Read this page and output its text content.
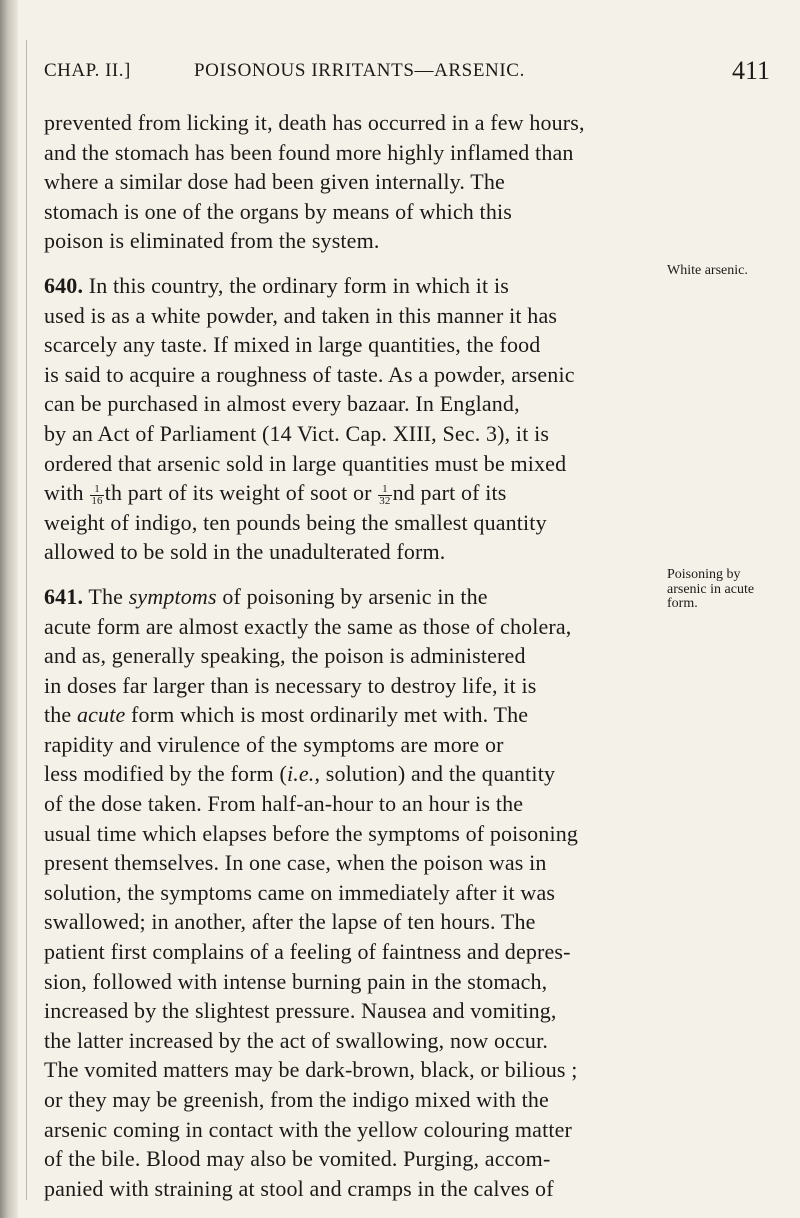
CHAP. II.]	POISONOUS IRRITANTS—ARSENIC.	411
prevented from licking it, death has occurred in a few hours,
and the stomach has been found more highly inflamed than
where a similar dose had been given internally. The
stomach is one of the organs by means of which this
poison is eliminated from the system.
640. In this country, the ordinary form in which it is
used is as a white powder, and taken in this manner it has
scarcely any taste. If mixed in large quantities, the food
is said to acquire a roughness of taste. As a powder, arsenic
can be purchased in almost every bazaar. In England,
by an Act of Parliament (14 Vict. Cap. XIII, Sec. 3), it is
ordered that arsenic sold in large quantities must be mixed
with $\frac{1}{16}$ th part of its weight of soot or $\frac{1}{32}$ nd part of its
weight of indigo, ten pounds being the smallest quantity
allowed to be sold in the unadulterated form.
641. The symptoms of poisoning by arsenic in the
acute form are almost exactly the same as those of cholera,
and as, generally speaking, the poison is administered
in doses far larger than is necessary to destroy life, it is
the acute form which is most ordinarily met with. The
rapidity and virulence of the symptoms are more or
less modified by the form (i.e., solution) and the quantity
of the dose taken. From half-an-hour to an hour is the
usual time which elapses before the symptoms of poisoning
present themselves. In one case, when the poison was in
solution, the symptoms came on immediately after it was
swallowed; in another, after the lapse of ten hours. The
patient first complains of a feeling of faintness and depres-
sion, followed with intense burning pain in the stomach,
increased by the slightest pressure. Nausea and vomiting,
the latter increased by the act of swallowing, now occur.
The vomited matters may be dark-brown, black, or bilious ;
or they may be greenish, from the indigo mixed with the
arsenic coming in contact with the yellow colouring matter
of the bile. Blood may also be vomited. Purging, accom-
panied with straining at stool and cramps in the calves of
White arsenic.
Poisoning by
arsenic in acute
form.
